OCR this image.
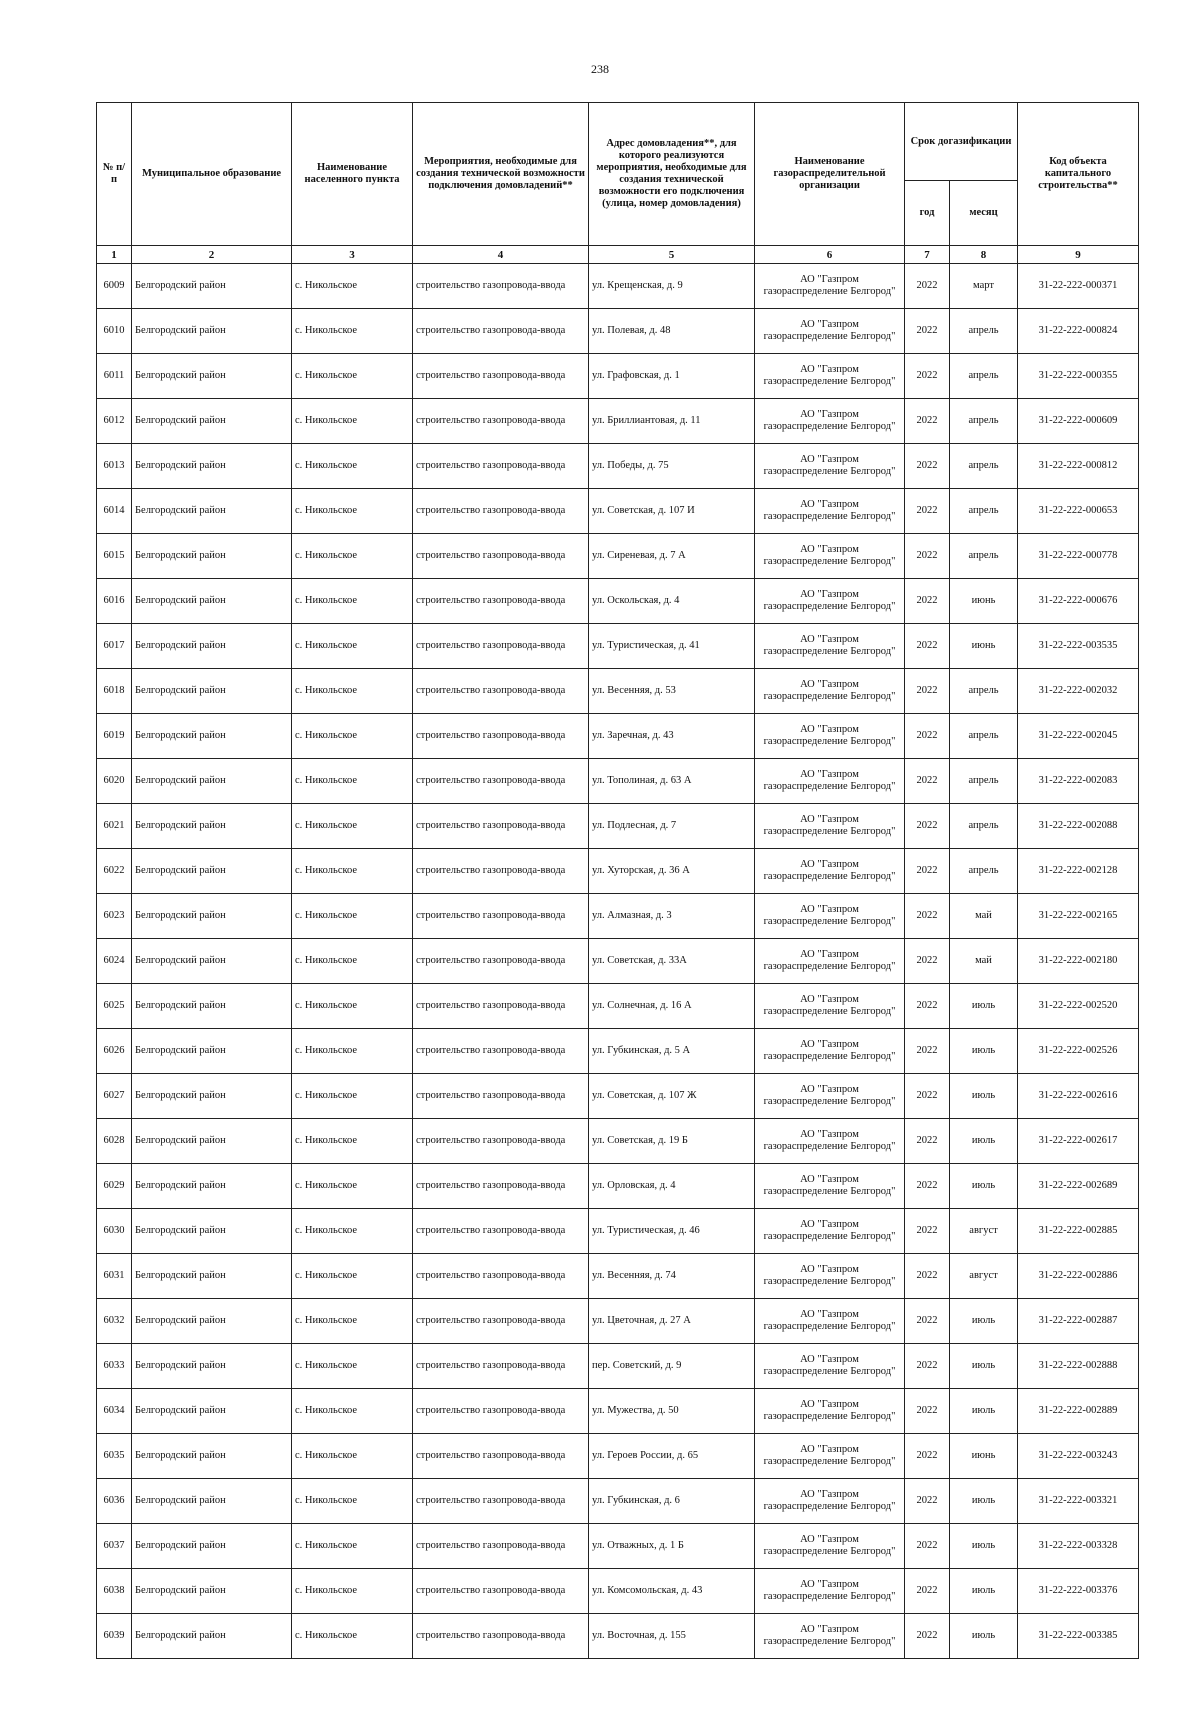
238
№ п/п	Муниципальное образование	Наименование населенного пункта	Мероприятия, необходимые для создания технической возможности подключения домовладений**	Адрес домовладения**, для которого реализуются мероприятия, необходимые для создания технической возможности его подключения (улица, номер домовладения)	Наименование газораспределительной организации	Срок догазификации		Код объекта капитального строительства**
						год	месяц	
1	2	3	4	5	6	7	8	9
6009	Белгородский район	с. Никольское	строительство газопровода-ввода	ул. Крещенская, д. 9	АО "Газпром
газораспределение Белгород"	2022	март	31-22-222-000371
6010	Белгородский район	с. Никольское	строительство газопровода-ввода	ул. Полевая, д. 48	АО "Газпром
газораспределение Белгород"	2022	апрель	31-22-222-000824
6011	Белгородский район	с. Никольское	строительство газопровода-ввода	ул. Графовская, д. 1	АО "Газпром
газораспределение Белгород"	2022	апрель	31-22-222-000355
6012	Белгородский район	с. Никольское	строительство газопровода-ввода	ул. Бриллиантовая, д. 11	АО "Газпром
газораспределение Белгород"	2022	апрель	31-22-222-000609
6013	Белгородский район	с. Никольское	строительство газопровода-ввода	ул. Победы, д. 75	АО "Газпром
газораспределение Белгород"	2022	апрель	31-22-222-000812
6014	Белгородский район	с. Никольское	строительство газопровода-ввода	ул. Советская, д. 107 И	АО "Газпром
газораспределение Белгород"	2022	апрель	31-22-222-000653
6015	Белгородский район	с. Никольское	строительство газопровода-ввода	ул. Сиреневая, д. 7 А	АО "Газпром
газораспределение Белгород"	2022	апрель	31-22-222-000778
6016	Белгородский район	с. Никольское	строительство газопровода-ввода	ул. Оскольская, д. 4	АО "Газпром
газораспределение Белгород"	2022	июнь	31-22-222-000676
6017	Белгородский район	с. Никольское	строительство газопровода-ввода	ул. Туристическая, д. 41	АО "Газпром
газораспределение Белгород"	2022	июнь	31-22-222-003535
6018	Белгородский район	с. Никольское	строительство газопровода-ввода	ул. Весенняя, д. 53	АО "Газпром
газораспределение Белгород"	2022	апрель	31-22-222-002032
6019	Белгородский район	с. Никольское	строительство газопровода-ввода	ул. Заречная, д. 43	АО "Газпром
газораспределение Белгород"	2022	апрель	31-22-222-002045
6020	Белгородский район	с. Никольское	строительство газопровода-ввода	ул. Тополиная, д. 63 А	АО "Газпром
газораспределение Белгород"	2022	апрель	31-22-222-002083
6021	Белгородский район	с. Никольское	строительство газопровода-ввода	ул. Подлесная, д. 7	АО "Газпром
газораспределение Белгород"	2022	апрель	31-22-222-002088
6022	Белгородский район	с. Никольское	строительство газопровода-ввода	ул. Хуторская, д. 36 А	АО "Газпром
газораспределение Белгород"	2022	апрель	31-22-222-002128
6023	Белгородский район	с. Никольское	строительство газопровода-ввода	ул. Алмазная, д. 3	АО "Газпром
газораспределение Белгород"	2022	май	31-22-222-002165
6024	Белгородский район	с. Никольское	строительство газопровода-ввода	ул. Советская, д. 33А	АО "Газпром
газораспределение Белгород"	2022	май	31-22-222-002180
6025	Белгородский район	с. Никольское	строительство газопровода-ввода	ул. Солнечная, д. 16 А	АО "Газпром
газораспределение Белгород"	2022	июль	31-22-222-002520
6026	Белгородский район	с. Никольское	строительство газопровода-ввода	ул. Губкинская, д. 5 А	АО "Газпром
газораспределение Белгород"	2022	июль	31-22-222-002526
6027	Белгородский район	с. Никольское	строительство газопровода-ввода	ул. Советская, д. 107 Ж	АО "Газпром
газораспределение Белгород"	2022	июль	31-22-222-002616
6028	Белгородский район	с. Никольское	строительство газопровода-ввода	ул. Советская, д. 19 Б	АО "Газпром
газораспределение Белгород"	2022	июль	31-22-222-002617
6029	Белгородский район	с. Никольское	строительство газопровода-ввода	ул. Орловская, д. 4	АО "Газпром
газораспределение Белгород"	2022	июль	31-22-222-002689
6030	Белгородский район	с. Никольское	строительство газопровода-ввода	ул. Туристическая, д. 46	АО "Газпром
газораспределение Белгород"	2022	август	31-22-222-002885
6031	Белгородский район	с. Никольское	строительство газопровода-ввода	ул. Весенняя, д. 74	АО "Газпром
газораспределение Белгород"	2022	август	31-22-222-002886
6032	Белгородский район	с. Никольское	строительство газопровода-ввода	ул. Цветочная, д. 27 А	АО "Газпром
газораспределение Белгород"	2022	июль	31-22-222-002887
6033	Белгородский район	с. Никольское	строительство газопровода-ввода	пер. Советский, д. 9	АО "Газпром
газораспределение Белгород"	2022	июль	31-22-222-002888
6034	Белгородский район	с. Никольское	строительство газопровода-ввода	ул. Мужества, д. 50	АО "Газпром
газораспределение Белгород"	2022	июль	31-22-222-002889
6035	Белгородский район	с. Никольское	строительство газопровода-ввода	ул. Героев России, д. 65	АО "Газпром
газораспределение Белгород"	2022	июнь	31-22-222-003243
6036	Белгородский район	с. Никольское	строительство газопровода-ввода	ул. Губкинская, д. 6	АО "Газпром
газораспределение Белгород"	2022	июль	31-22-222-003321
6037	Белгородский район	с. Никольское	строительство газопровода-ввода	ул. Отважных, д. 1 Б	АО "Газпром
газораспределение Белгород"	2022	июль	31-22-222-003328
6038	Белгородский район	с. Никольское	строительство газопровода-ввода	ул. Комсомольская, д. 43	АО "Газпром
газораспределение Белгород"	2022	июль	31-22-222-003376
6039	Белгородский район	с. Никольское	строительство газопровода-ввода	ул. Восточная, д. 155	АО "Газпром
газораспределение Белгород"	2022	июль	31-22-222-003385
